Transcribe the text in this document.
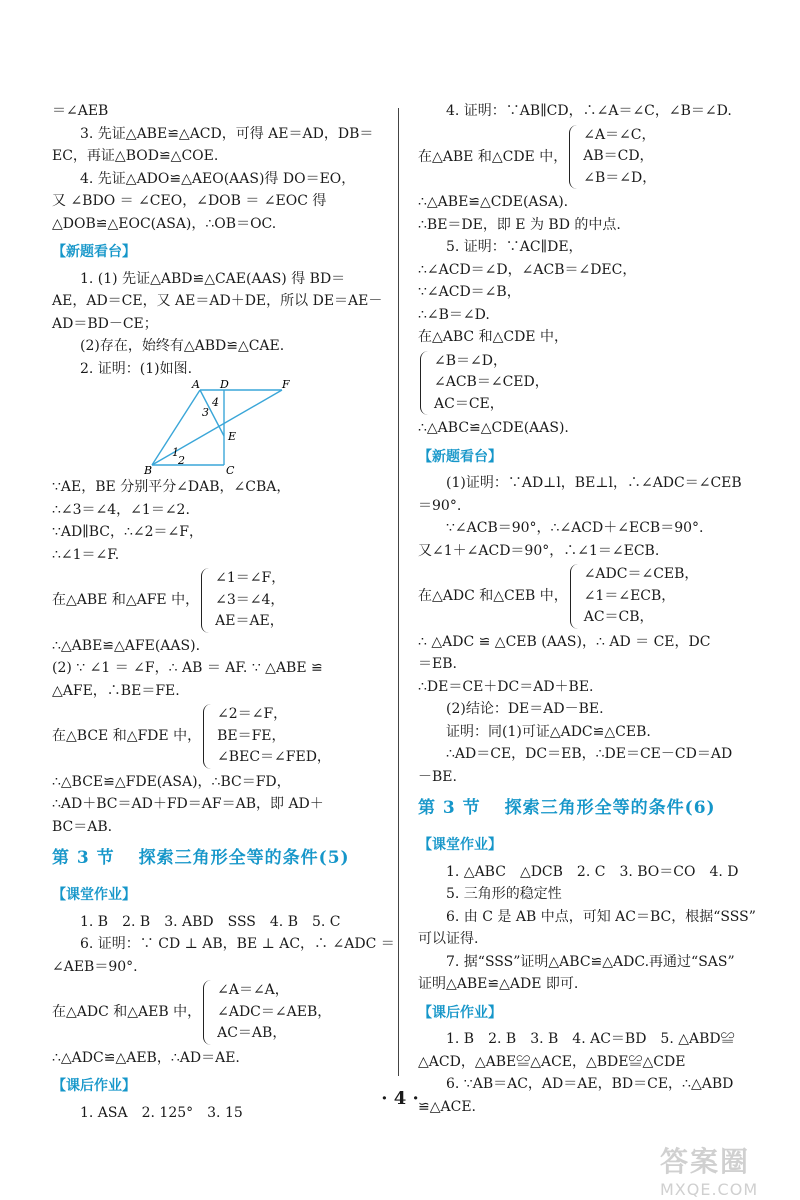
＝∠AEB
3. 先证△ABE≌△ACD，可得 AE＝AD，DB＝
EC，再证△BOD≌△COE.
4. 先证△ADO≌△AEO(AAS)得 DO＝EO，
又 ∠BDO ＝ ∠CEO，∠DOB ＝ ∠EOC 得
△DOB≌△EOC(ASA)，∴OB＝OC.
【新题看台】
1. (1) 先证△ABD≌△CAE(AAS) 得 BD＝
AE，AD＝CE，又 AE＝AD＋DE，所以 DE＝AE－
AD＝BD－CE；
(2)存在，始终有△ABD≌△CAE.
2. 证明：(1)如图.
A D	F
4
3
E
1
2
B	C
∵AE，BE 分别平分∠DAB，∠CBA，
∴∠3＝∠4，∠1＝∠2.
∵AD∥BC，∴∠2＝∠F，
∴∠1＝∠F.
在△ABE 和△AFE 中，
∠1＝∠F，
∠3＝∠4，
AE＝AE，
∴△ABE≌△AFE(AAS).
(2) ∵ ∠1 ＝ ∠F，∴ AB ＝ AF. ∵ △ABE ≌
△AFE，∴BE＝FE.
在△BCE 和△FDE 中，
∠2＝∠F，
BE＝FE，
∠BEC＝∠FED，
∴△BCE≌△FDE(ASA)，∴BC＝FD，
∴AD＋BC＝AD＋FD＝AF＝AB，即 AD＋
BC＝AB.
第 3 节 探索三角形全等的条件(5)
【课堂作业】
1. B　2. B　3. ABD　SSS　4. B　5. C
6. 证明：∵ CD ⊥ AB，BE ⊥ AC，∴ ∠ADC ＝
∠AEB＝90°.
在△ADC 和△AEB 中，
∠A＝∠A，
∠ADC＝∠AEB，
AC＝AB，
∴△ADC≌△AEB，∴AD＝AE.
【课后作业】
1. ASA　2. 125°　3. 15
4. 证明：∵AB∥CD，∴∠A＝∠C，∠B＝∠D.
在△ABE 和△CDE 中，
∠A＝∠C，
AB＝CD，
∠B＝∠D，
∴△ABE≌△CDE(ASA).
∴BE＝DE，即 E 为 BD 的中点.
5. 证明：∵AC∥DE，
∴∠ACD＝∠D，∠ACB＝∠DEC，
∵∠ACD＝∠B，
∴∠B＝∠D.
在△ABC 和△CDE 中，
∠B＝∠D，
∠ACB＝∠CED，
AC＝CE，
∴△ABC≌△CDE(AAS).
【新题看台】
(1)证明：∵AD⊥l，BE⊥l，∴∠ADC＝∠CEB
＝90°.
∵∠ACB＝90°，∴∠ACD＋∠ECB＝90°.
又∠1＋∠ACD＝90°，∴∠1＝∠ECB.
在△ADC 和△CEB 中，
∠ADC＝∠CEB，
∠1＝∠ECB，
AC＝CB，
∴ △ADC ≌ △CEB (AAS)，∴ AD ＝ CE，DC
＝EB.
∴DE＝CE＋DC＝AD＋BE.
(2)结论：DE＝AD－BE.
证明：同(1)可证△ADC≌△CEB.
∴AD＝CE，DC＝EB，∴DE＝CE－CD＝AD
－BE.
第 3 节 探索三角形全等的条件(6)
【课堂作业】
1. △ABC　△DCB　2. C　3. BO＝CO　4. D
5. 三角形的稳定性
6. 由 C 是 AB 中点，可知 AC＝BC，根据“SSS”
可以证得.
7. 据“SSS”证明△ABC≌△ADC.再通过“SAS”
证明△ABE≌△ADE 即可.
【课后作业】
1. B　2. B　3. B　4. AC＝BD　5. △ABD≌
△ACD，△ABE≌△ACE，△BDE≌△CDE
6. ∵AB＝AC，AD＝AE，BD＝CE，∴△ABD
≌△ACE.
· 4 ·
答案圈
MXQE.COM
